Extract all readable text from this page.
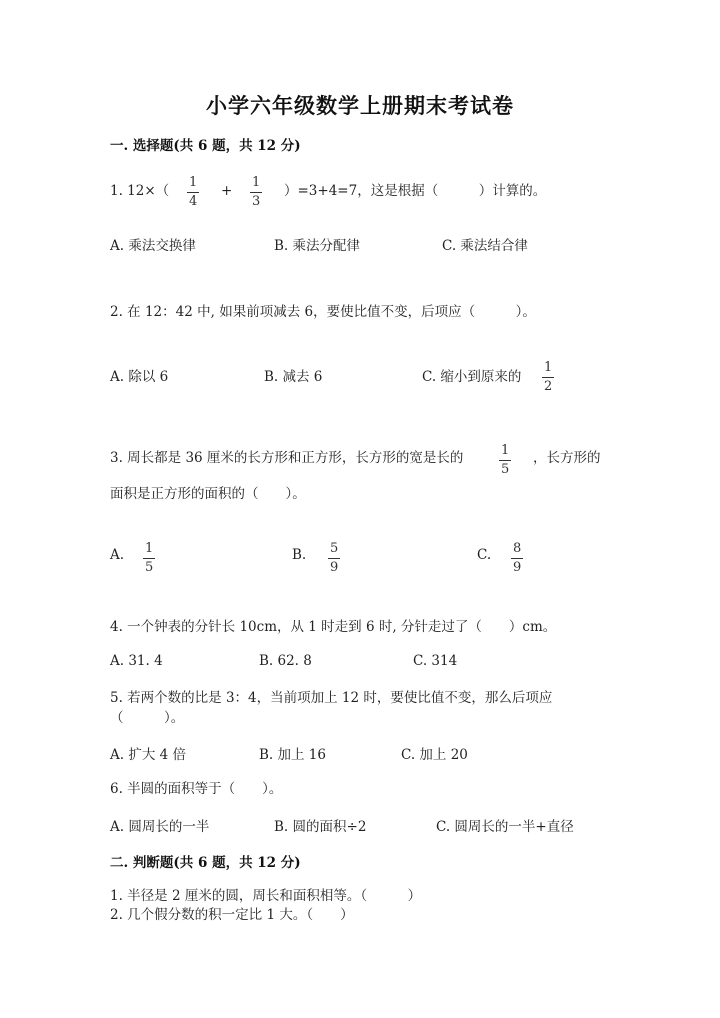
小学六年级数学上册期末考试卷
一. 选择题(共 6 题，共 12 分)
1. 12×（
1
4
+
1
3
）=3+4=7，这是根据（　　　）计算的。
A. 乘法交换律	B. 乘法分配律	C. 乘法结合律
2. 在 12：42 中, 如果前项减去 6，要使比值不变，后项应（　　　）。
A. 除以 6	B. 减去 6	C. 缩小到原来的
1
2
3. 周长都是 36 厘米的长方形和正方形，长方形的宽是长的	1
5
，长方形的
面积是正方形的面积的（　　）。
A. 1
5
B. 5
9
C. 8
9
4. 一个钟表的分针长 10cm，从 1 时走到 6 时, 分针走过了（　　）cm。
A. 31. 4	B. 62. 8	C. 314
5. 若两个数的比是 3：4，当前项加上 12 时，要使比值不变，那么后项应
（　　　）。
A. 扩大 4 倍	B. 加上 16	C. 加上 20
6. 半圆的面积等于（　　）。
A. 圆周长的一半	B. 圆的面积÷2	C. 圆周长的一半+直径
二. 判断题(共 6 题，共 12 分)
1. 半径是 2 厘米的圆，周长和面积相等。（　　　）
2. 几个假分数的积一定比 1 大。（　　）
